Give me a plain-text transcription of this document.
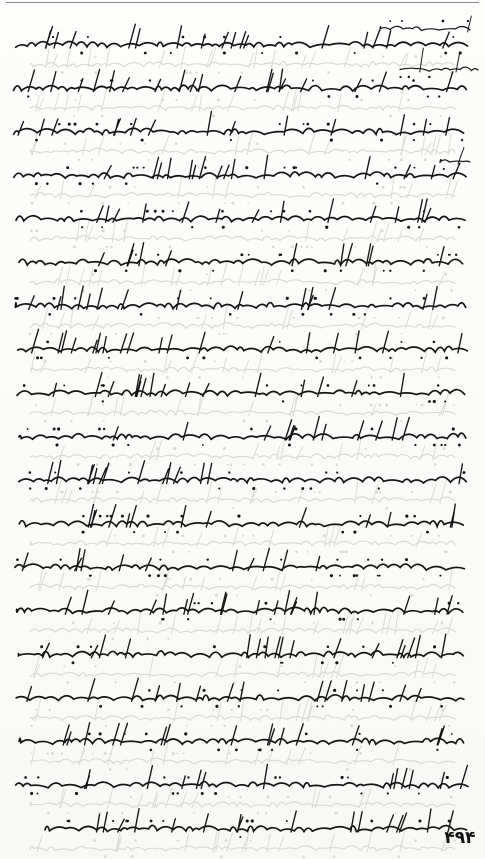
۴۹۴
